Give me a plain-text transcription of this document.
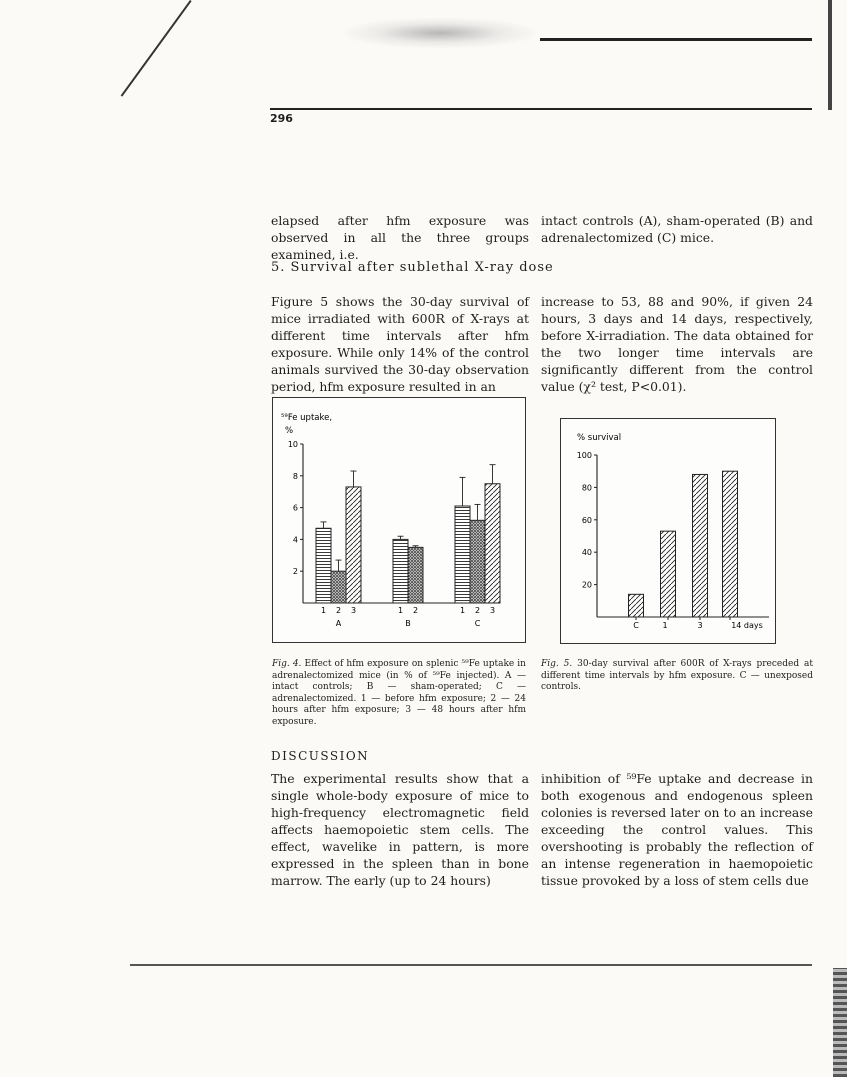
296

elapsed after hfm exposure was observed in all the three groups examined, i.e.

intact controls (A), sham-operated (B) and adrenalectomized (C) mice.

5. Survival after sublethal X-ray dose

Figure 5 shows the 30-day survival of mice irradiated with 600R of X-rays at different time intervals after hfm exposure. While only 14% of the control animals survived the 30-day observation period, hfm exposure resulted in an

increase to 53, 88 and 90%, if given 24 hours, 3 days and 14 days, respectively, before X-irradiation. The data obtained for the two longer time intervals are significantly different from the control value (χ² test, P<0.01).

⁵⁹Fe uptake,
%
2
4
6
8
10
1 2 3
A
1 2
B
1 2 3
C
% survival
20
40
60
80
100
C	1	3	14 days
Fig. 4. Effect of hfm exposure on splenic ⁵⁹Fe uptake in adrenalectomized mice (in % of ⁵⁹Fe injected). A — intact controls; B — sham-operated; C — adrenalectomized. 1 — before hfm exposure; 2 — 24 hours after hfm exposure; 3 — 48 hours after hfm exposure.
Fig. 5. 30-day survival after 600R of X-rays preceded at different time intervals by hfm exposure. C — unexposed controls.
DISCUSSION

The experimental results show that a single whole-body exposure of mice to high-frequency electromagnetic field affects haemopoietic stem cells. The effect, wavelike in pattern, is more expressed in the spleen than in bone marrow. The early (up to 24 hours)

inhibition of ⁵⁹Fe uptake and decrease in both exogenous and endogenous spleen colonies is reversed later on to an increase exceeding the control values. This overshooting is probably the reflection of an intense regeneration in haemopoietic tissue provoked by a loss of stem cells due
